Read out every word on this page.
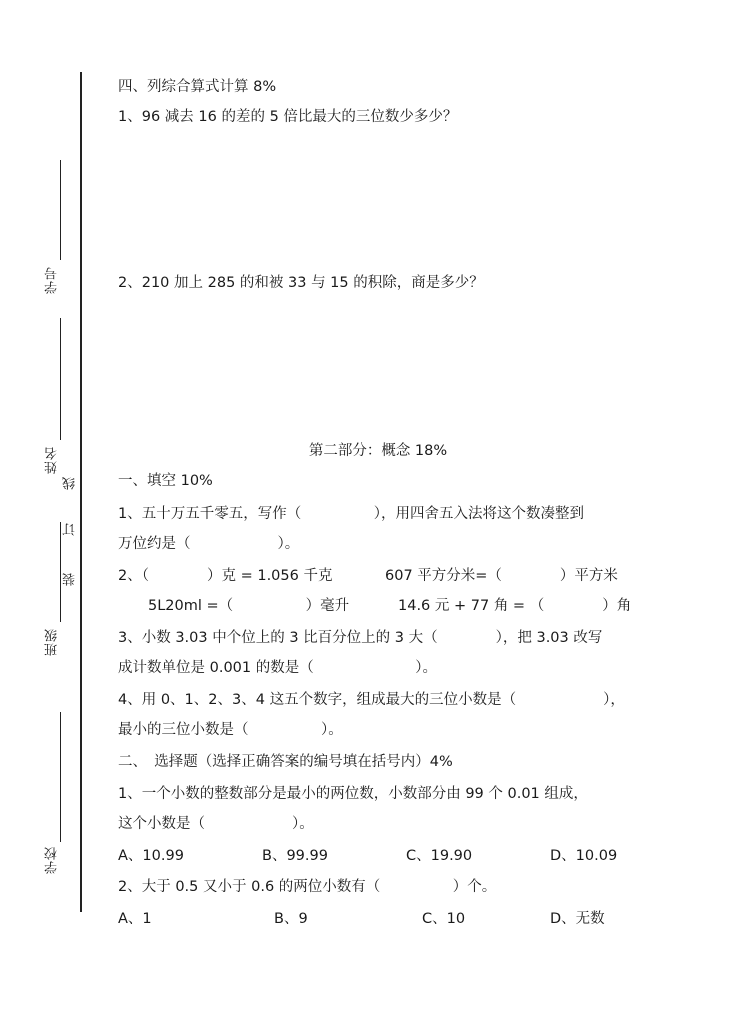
学号
姓名
线
订
装
班级
学校
四、列综合算式计算 8%
1、96 减去 16 的差的 5 倍比最大的三位数少多少？
2、210 加上 285 的和被 33 与 15 的积除，商是多少？
第二部分：概念 18%
一、填空 10%
1、五十万五千零五，写作（　　　　　），用四舍五入法将这个数凑整到
万位约是（　　　　　　）。
2、（　　　　）克 = 1.056 千克	607 平方分米=（　　　　）平方米
5L20ml =（　　　　　）毫升	14.6 元 + 77 角 = （　　　　）角
3、小数 3.03 中个位上的 3 比百分位上的 3 大（　　　　），把 3.03 改写
成计数单位是 0.001 的数是（　　　　　　　）。
4、用 0、1、2、3、4 这五个数字，组成最大的三位小数是（　　　　　　），
最小的三位小数是（　　　　　）。
二、　选择题（选择正确答案的编号填在括号内）4%
1、一个小数的整数部分是最小的两位数，小数部分由 99 个 0.01 组成，
这个小数是（　　　　　　）。
A、10.99	B、99.99	C、19.90	D、10.09
2、大于 0.5 又小于 0.6 的两位小数有（　　　　　）个。
A、1	B、9	C、10	D、无数
